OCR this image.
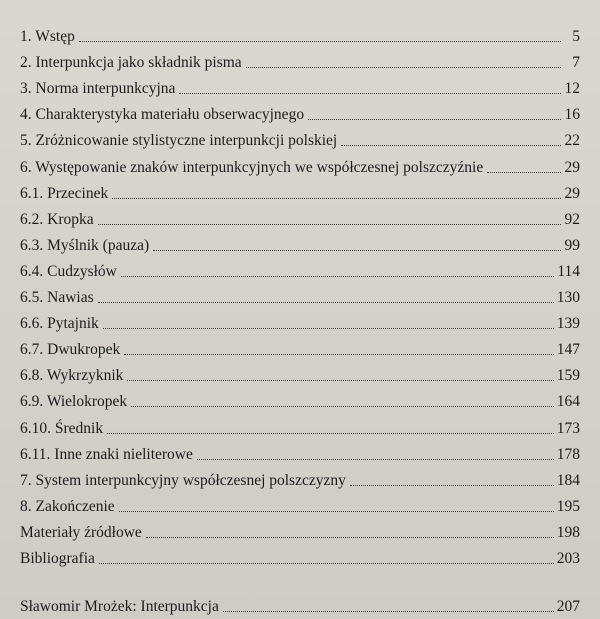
1. Wstęp	5
2. Interpunkcja jako składnik pisma	7
3. Norma interpunkcyjna	12
4. Charakterystyka materiału obserwacyjnego	16
5. Zróżnicowanie stylistyczne interpunkcji polskiej	22
6. Występowanie znaków interpunkcyjnych we współczesnej polszczyźnie	29
6.1. Przecinek	29
6.2. Kropka	92
6.3. Myślnik (pauza)	99
6.4. Cudzysłów	114
6.5. Nawias	130
6.6. Pytajnik	139
6.7. Dwukropek	147
6.8. Wykrzyknik	159
6.9. Wielokropek	164
6.10. Średnik	173
6.11. Inne znaki nieliterowe	178
7. System interpunkcyjny współczesnej polszczyzny	184
8. Zakończenie	195
Materiały źródłowe	198
Bibliografia	203
Sławomir Mrożek: Interpunkcja	207
